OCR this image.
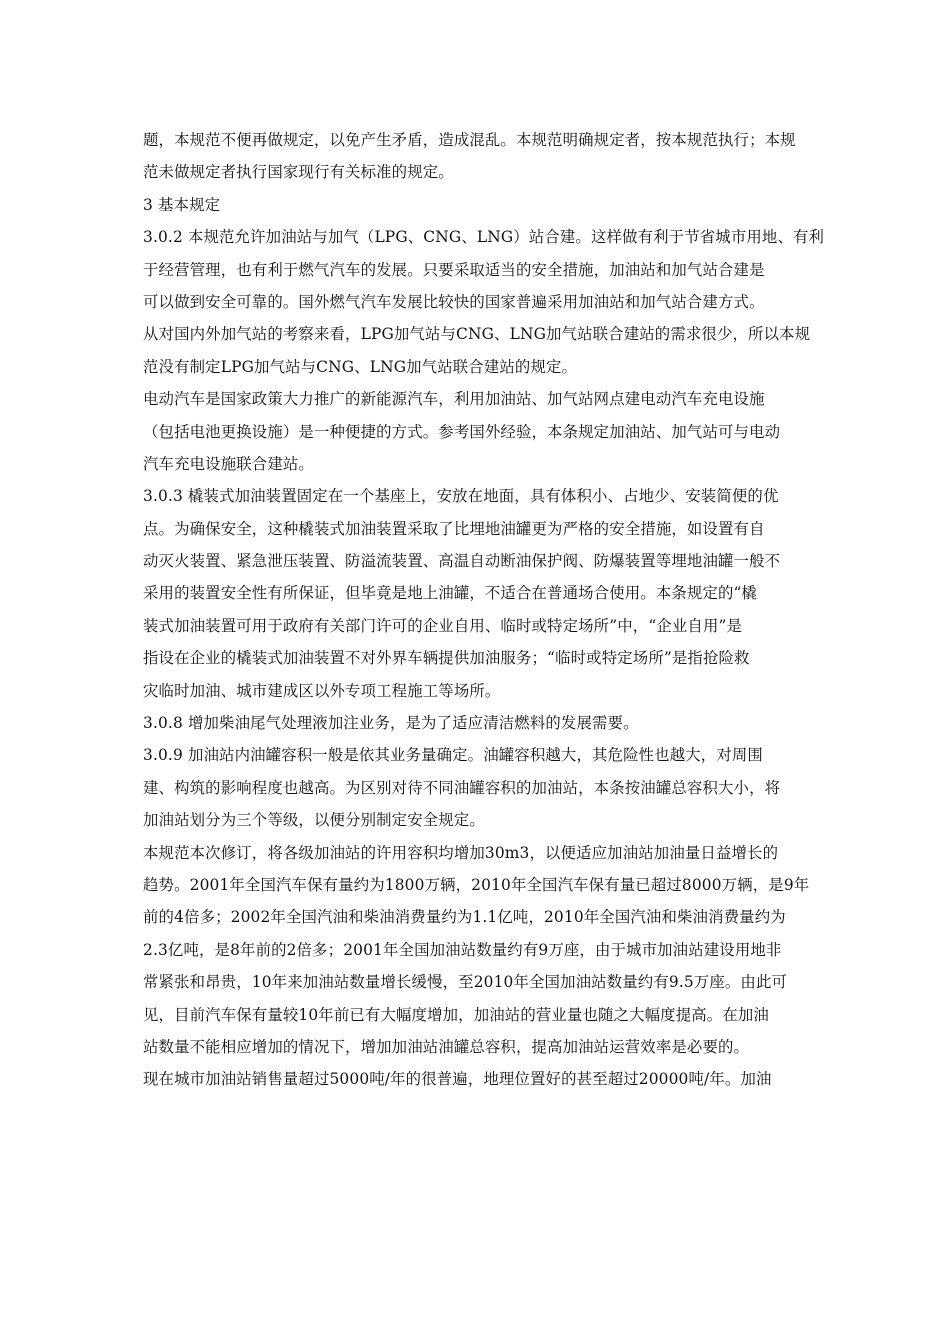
题，本规范不便再做规定，以免产生矛盾，造成混乱。本规范明确规定者，按本规范执行；本规
范未做规定者执行国家现行有关标准的规定。
3 基本规定
3.0.2 本规范允许加油站与加气（LPG、CNG、LNG）站合建。这样做有利于节省城市用地、有利
于经营管理，也有利于燃气汽车的发展。只要采取适当的安全措施，加油站和加气站合建是
可以做到安全可靠的。国外燃气汽车发展比较快的国家普遍采用加油站和加气站合建方式。
从对国内外加气站的考察来看，LPG加气站与CNG、LNG加气站联合建站的需求很少，所以本规
范没有制定LPG加气站与CNG、LNG加气站联合建站的规定。
电动汽车是国家政策大力推广的新能源汽车，利用加油站、加气站网点建电动汽车充电设施
（包括电池更换设施）是一种便捷的方式。参考国外经验，本条规定加油站、加气站可与电动
汽车充电设施联合建站。
3.0.3 橇装式加油装置固定在一个基座上，安放在地面，具有体积小、占地少、安装简便的优
点。为确保安全，这种橇装式加油装置采取了比埋地油罐更为严格的安全措施，如设置有自
动灭火装置、紧急泄压装置、防溢流装置、高温自动断油保护阀、防爆装置等埋地油罐一般不
采用的装置安全性有所保证，但毕竟是地上油罐，不适合在普通场合使用。本条规定的“橇
装式加油装置可用于政府有关部门许可的企业自用、临时或特定场所”中，“企业自用”是
指设在企业的橇装式加油装置不对外界车辆提供加油服务；“临时或特定场所”是指抢险救
灾临时加油、城市建成区以外专项工程施工等场所。
3.0.8 增加柴油尾气处理液加注业务，是为了适应清洁燃料的发展需要。
3.0.9 加油站内油罐容积一般是依其业务量确定。油罐容积越大，其危险性也越大，对周围
建、构筑的影响程度也越高。为区别对待不同油罐容积的加油站，本条按油罐总容积大小，将
加油站划分为三个等级，以便分别制定安全规定。
本规范本次修订，将各级加油站的许用容积均增加30m3，以便适应加油站加油量日益增长的
趋势。2001年全国汽车保有量约为1800万辆，2010年全国汽车保有量已超过8000万辆，是9年
前的4倍多；2002年全国汽油和柴油消费量约为1.1亿吨，2010年全国汽油和柴油消费量约为
2.3亿吨，是8年前的2倍多；2001年全国加油站数量约有9万座，由于城市加油站建设用地非
常紧张和昂贵，10年来加油站数量增长缓慢，至2010年全国加油站数量约有9.5万座。由此可
见，目前汽车保有量较10年前已有大幅度增加，加油站的营业量也随之大幅度提高。在加油
站数量不能相应增加的情况下，增加加油站油罐总容积，提高加油站运营效率是必要的。
现在城市加油站销售量超过5000吨/年的很普遍，地理位置好的甚至超过20000吨/年。加油
